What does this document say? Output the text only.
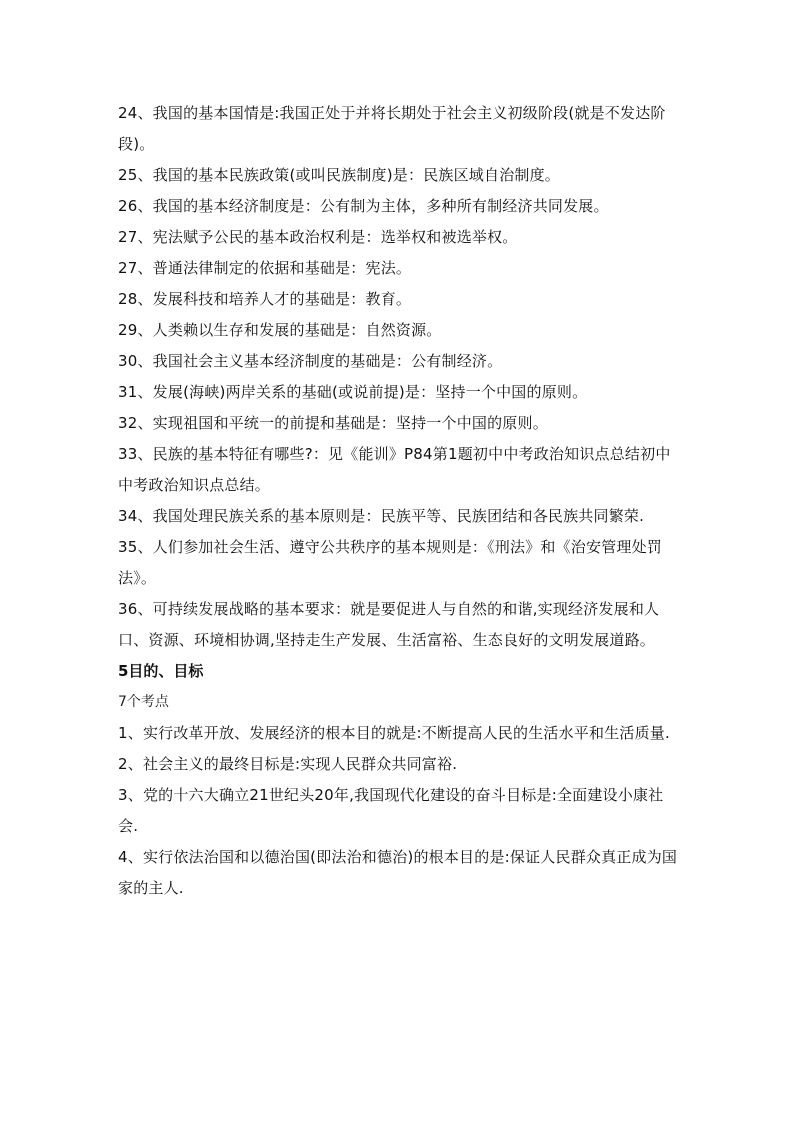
24、我国的基本国情是:我国正处于并将长期处于社会主义初级阶段(就是不发达阶段)。

25、我国的基本民族政策(或叫民族制度)是：民族区域自治制度。

26、我国的基本经济制度是：公有制为主体，多种所有制经济共同发展。

27、宪法赋予公民的基本政治权利是：选举权和被选举权。

27、普通法律制定的依据和基础是：宪法。

28、发展科技和培养人才的基础是：教育。

29、人类赖以生存和发展的基础是：自然资源。

30、我国社会主义基本经济制度的基础是：公有制经济。

31、发展(海峡)两岸关系的基础(或说前提)是：坚持一个中国的原则。

32、实现祖国和平统一的前提和基础是：坚持一个中国的原则。

33、民族的基本特征有哪些?：见《能训》P84第1题初中中考政治知识点总结初中中考政治知识点总结。

34、我国处理民族关系的基本原则是：民族平等、民族团结和各民族共同繁荣.

35、人们参加社会生活、遵守公共秩序的基本规则是：《刑法》和《治安管理处罚法》。

36、可持续发展战略的基本要求：就是要促进人与自然的和谐,实现经济发展和人口、资源、环境相协调,坚持走生产发展、生活富裕、生态良好的文明发展道路。

5目的、目标

7个考点

1、实行改革开放、发展经济的根本目的就是:不断提高人民的生活水平和生活质量.

2、社会主义的最终目标是:实现人民群众共同富裕.

3、党的十六大确立21世纪头20年,我国现代化建设的奋斗目标是:全面建设小康社会.

4、实行依法治国和以德治国(即法治和德治)的根本目的是:保证人民群众真正成为国家的主人.
